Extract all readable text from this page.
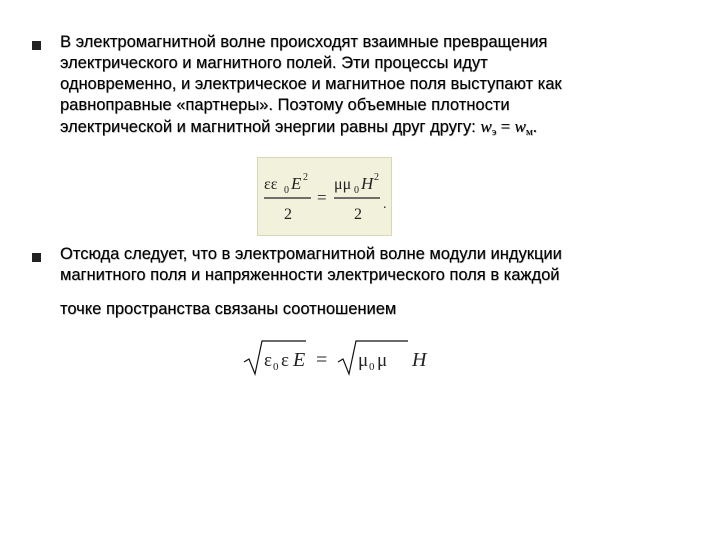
В электромагнитной волне происходят взаимные превращения
электрического и магнитного полей. Эти процессы идут
одновременно, и электрическое и магнитное поля выступают как
равноправные «партнеры». Поэтому объемные плотности
электрической и магнитной энергии равны друг другу: $w_э = w_м$.
εε 0 E 2
2
=
μμ 0 H 2
2
.
Отсюда следует, что в электромагнитной волне модули индукции
магнитного поля и напряженности электрического поля в каждой
точке пространства связаны соотношением
ε 0 ε E = μ 0 μ H
